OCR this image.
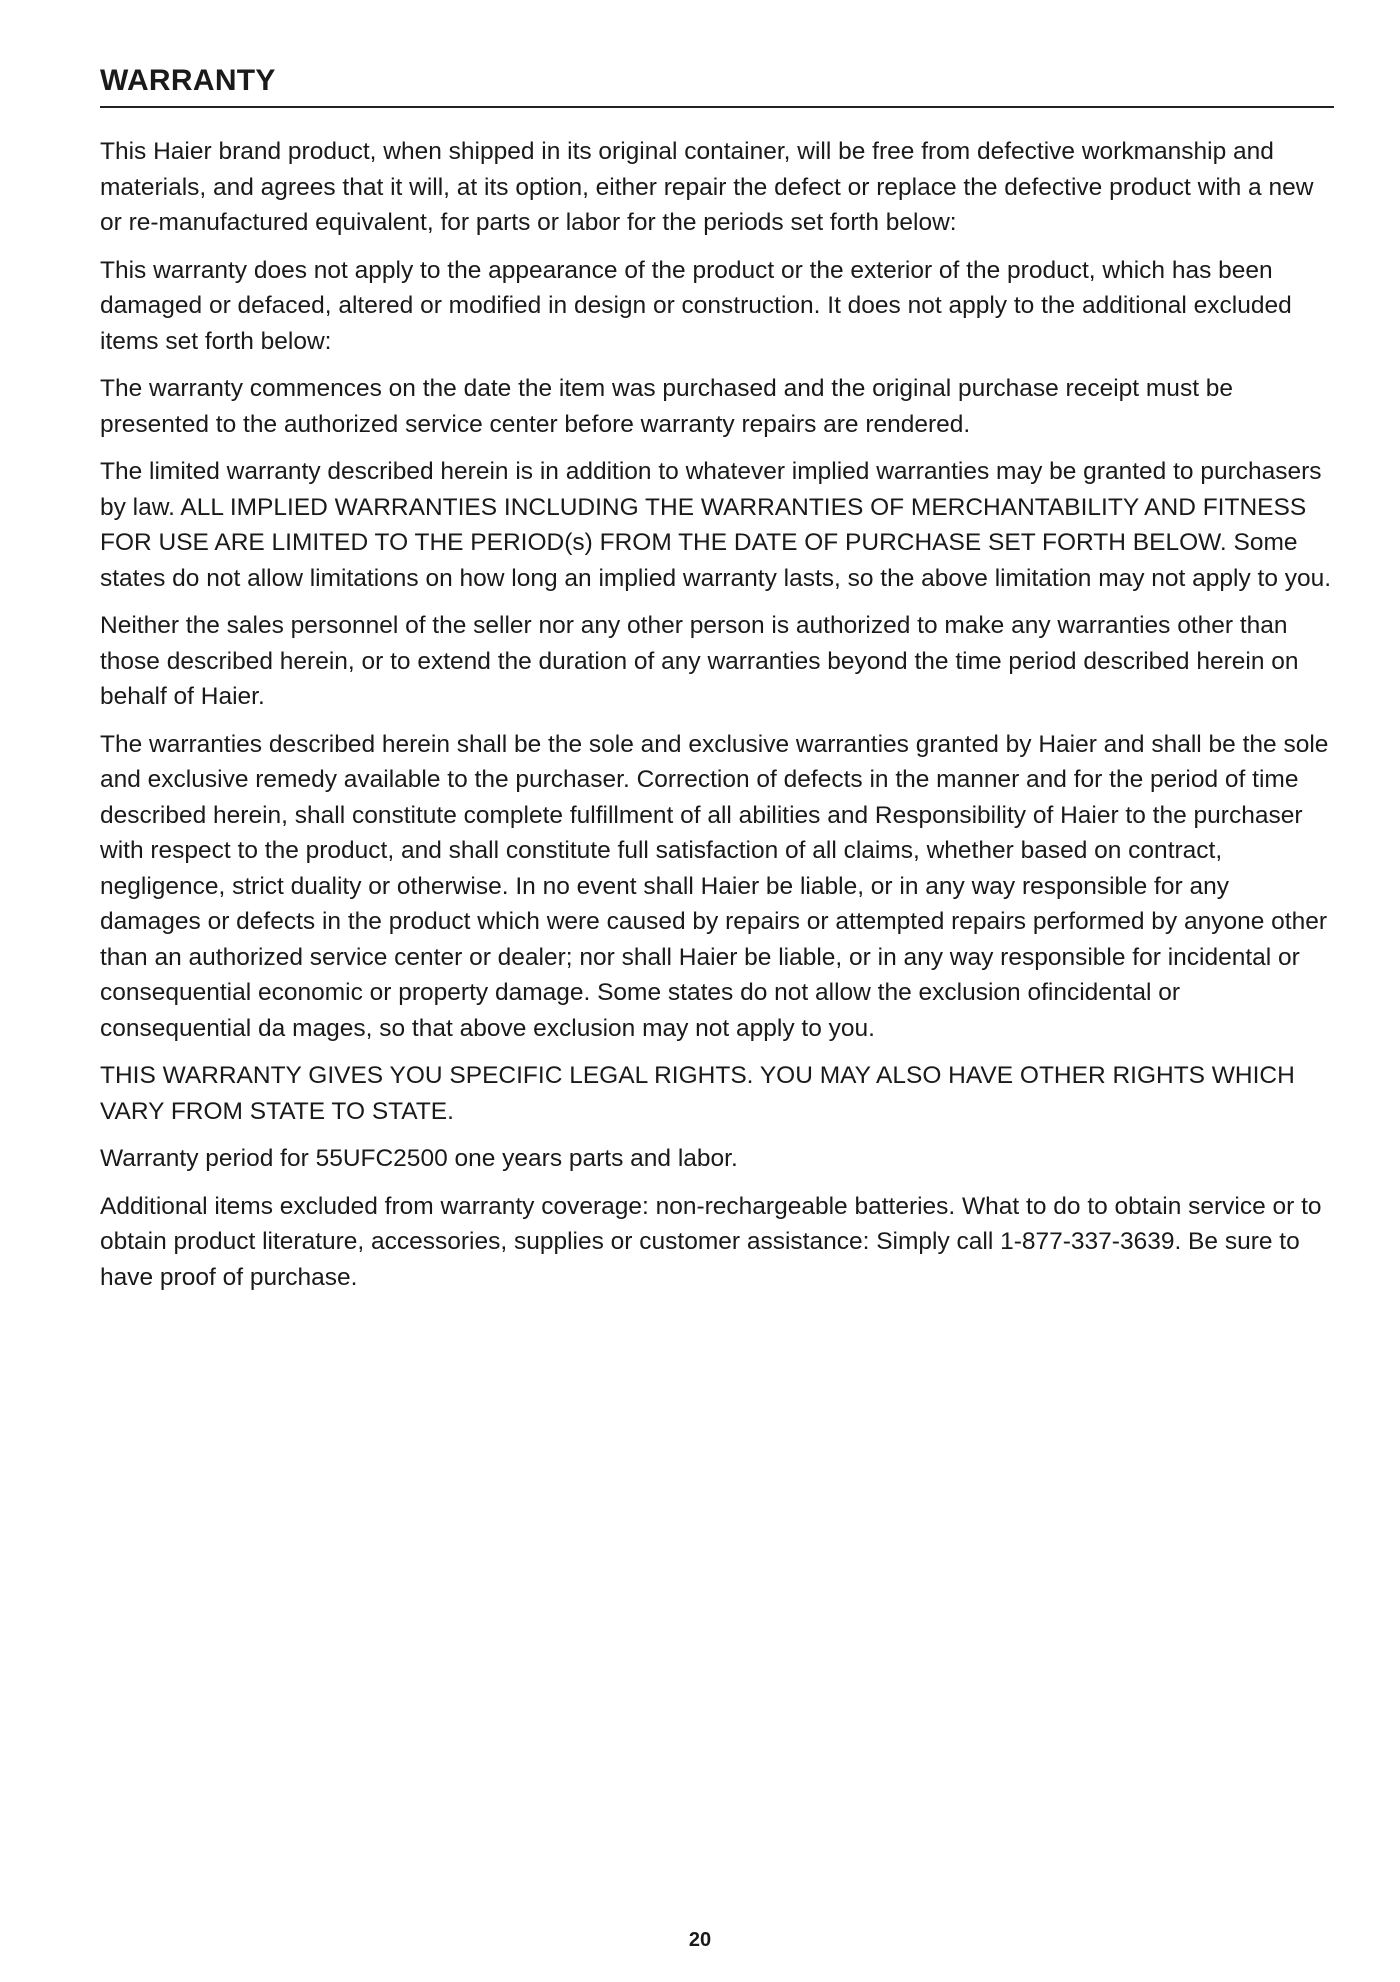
WARRANTY

This Haier brand product, when shipped in its original container, will be free from defective workmanship and materials, and agrees that it will, at its option, either repair the defect or replace the defective product with a new or re-manufactured equivalent, for parts or labor for the periods set forth below:

This warranty does not apply to the appearance of the product or the exterior of the product, which has been damaged or defaced, altered or modified in design or construction. It does not apply to the additional excluded items set forth below:

The warranty commences on the date the item was purchased and the original purchase receipt must be presented to the authorized service center before warranty repairs are rendered.

The limited warranty described herein is in addition to whatever implied warranties may be granted to purchasers by law. ALL IMPLIED WARRANTIES INCLUDING THE WARRANTIES OF MERCHANTABILITY AND FITNESS FOR USE ARE LIMITED TO THE PERIOD(s) FROM THE DATE OF PURCHASE SET FORTH BELOW. Some states do not allow limitations on how long an implied warranty lasts, so the above limitation may not apply to you.

Neither the sales personnel of the seller nor any other person is authorized to make any warranties other than those described herein, or to extend the duration of any warranties beyond the time period described herein on behalf of Haier.

The warranties described herein shall be the sole and exclusive warranties granted by Haier and shall be the sole and exclusive remedy available to the purchaser. Correction of defects in the manner and for the period of time described herein, shall constitute complete fulfillment of all abilities and Responsibility of Haier to the purchaser with respect to the product, and shall constitute full satisfaction of all claims, whether based on contract, negligence, strict duality or otherwise. In no event shall Haier be liable, or in any way responsible for any damages or defects in the product which were caused by repairs or attempted repairs performed by anyone other than an authorized service center or dealer; nor shall Haier be liable, or in any way responsible for incidental or consequential economic or property damage. Some states do not allow the exclusion ofincidental or consequential da mages, so that above exclusion may not apply to you.

THIS WARRANTY GIVES YOU SPECIFIC LEGAL RIGHTS. YOU MAY ALSO HAVE OTHER RIGHTS WHICH VARY FROM STATE TO STATE.

Warranty period for 55UFC2500 one years parts and labor.

Additional items excluded from warranty coverage: non-rechargeable batteries. What to do to obtain service or to obtain product literature, accessories, supplies or customer assistance: Simply call 1-877-337-3639. Be sure to have proof of purchase.

20
